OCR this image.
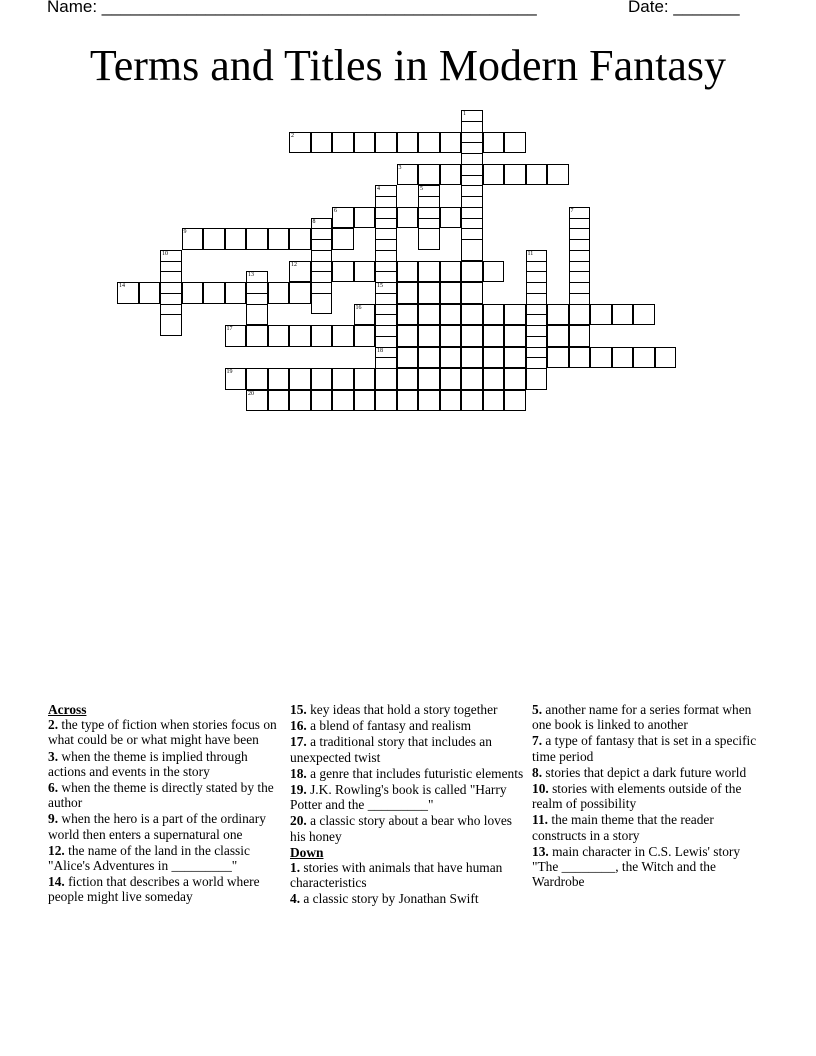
Name: ______________________________________________	Date: _______
Terms and Titles in Modern Fantasy
1
2
3
4
15
18
5
6	7
8
9
10	11
12
13
14
16
17
19
20
Across
2. the type of fiction when stories focus on what could be or what might have been
3. when the theme is implied through actions and events in the story
6. when the theme is directly stated by the author
9. when the hero is a part of the ordinary world then enters a supernatural one
12. the name of the land in the classic "Alice's Adventures in _________"
14. fiction that describes a world where people might live someday
15. key ideas that hold a story together
16. a blend of fantasy and realism
17. a traditional story that includes an unexpected twist
18. a genre that includes futuristic elements
19. J.K. Rowling's book is called "Harry Potter and the _________"
20. a classic story about a bear who loves his honey
Down
1. stories with animals that have human characteristics
4. a classic story by Jonathan Swift
5. another name for a series format when one book is linked to another
7. a type of fantasy that is set in a specific time period
8. stories that depict a dark future world
10. stories with elements outside of the realm of possibility
11. the main theme that the reader constructs in a story
13. main character in C.S. Lewis' story "The ________, the Witch and the Wardrobe
